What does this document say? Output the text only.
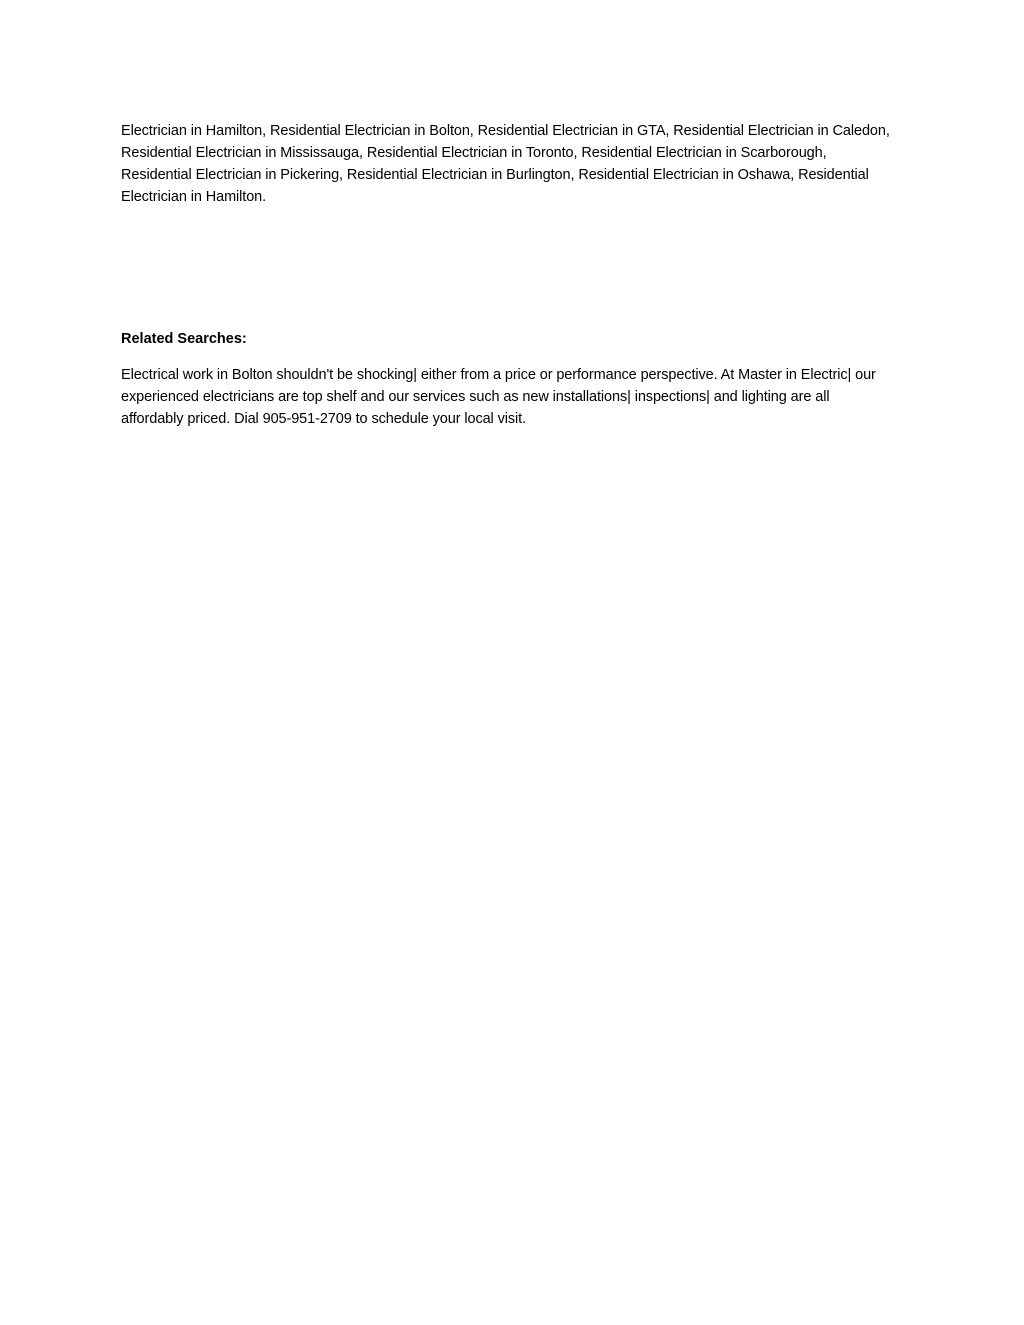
Electrician in Hamilton, Residential Electrician in Bolton, Residential Electrician in GTA, Residential Electrician in Caledon, Residential Electrician in Mississauga, Residential Electrician in Toronto, Residential Electrician in Scarborough, Residential Electrician in Pickering, Residential Electrician in Burlington, Residential Electrician in Oshawa, Residential Electrician in Hamilton.

Related Searches:

Electrical work in Bolton shouldn't be shocking| either from a price or performance perspective. At Master in Electric| our experienced electricians are top shelf and our services such as new installations| inspections| and lighting are all affordably priced. Dial 905-951-2709 to schedule your local visit.
